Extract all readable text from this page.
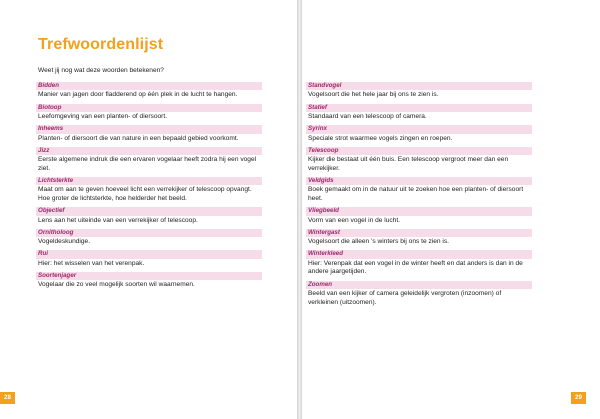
Trefwoordenlijst

Weet jij nog wat deze woorden betekenen?

Bidden
Manier van jagen door fladderend op één plek in de lucht te hangen.
Biotoop
Leefomgeving van een planten- of diersoort.
Inheems
Planten- of diersoort die van nature in een bepaald gebied voorkomt.
Jizz
Eerste algemene indruk die een ervaren vogelaar heeft zodra hij een vogel ziet.
Lichtsterkte
Maat om aan te geven hoeveel licht een verrekijker of telescoop opvangt. Hoe groter de lichtsterkte, hoe helderder het beeld.
Objectief
Lens aan het uiteinde van een verrekijker of telescoop.
Ornitholoog
Vogeldeskundige.
Rui
Hier: het wisselen van het verenpak.
Soortenjager
Vogelaar die zo veel mogelijk soorten wil waarnemen.
28
Standvogel
Vogelsoort die het hele jaar bij ons te zien is.
Statief
Standaard van een telescoop of camera.
Syrinx
Speciale strot waarmee vogels zingen en roepen.
Telescoop
Kijker die bestaat uit één buis. Een telescoop vergroot meer dan een verrekijker.
Veldgids
Boek gemaakt om in de natuur uit te zoeken hoe een planten- of diersoort heet.
Vliegbeeld
Vorm van een vogel in de lucht.
Wintergast
Vogelsoort die alleen ’s winters bij ons te zien is.
Winterkleed
Hier: Verenpak dat een vogel in de winter heeft en dat anders is dan in de andere jaargetijden.
Zoomen
Beeld van een kijker of camera geleidelijk vergroten (inzoomen) of verkleinen (uitzoomen).
29
